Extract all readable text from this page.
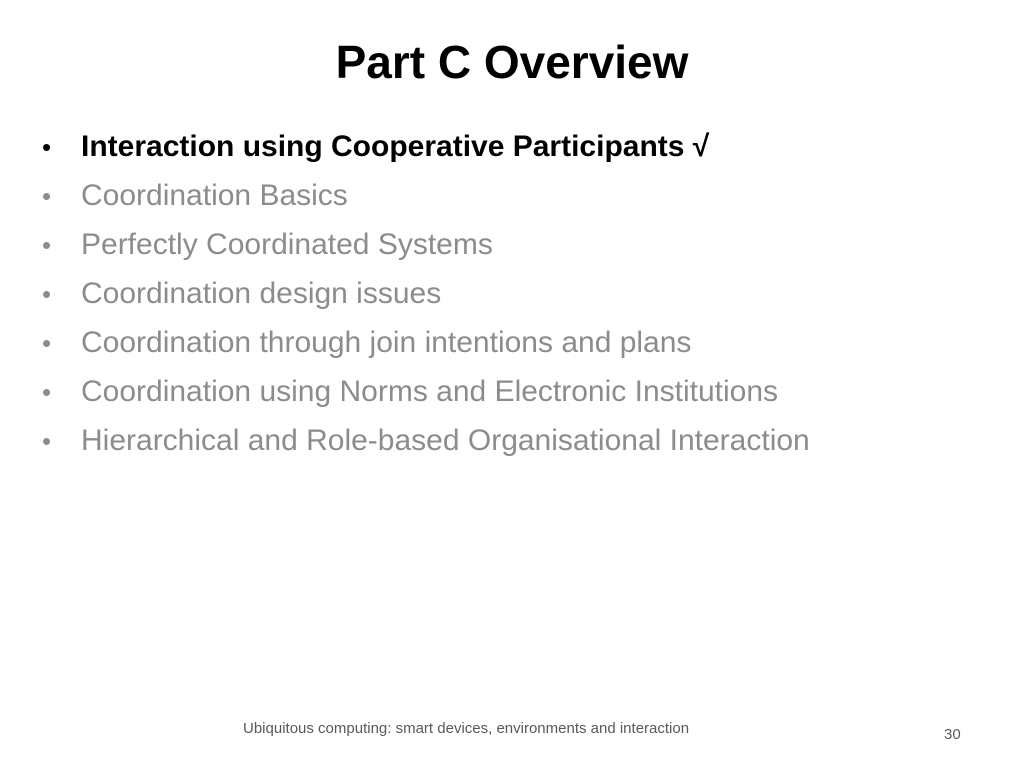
Part C Overview
• Interaction using Cooperative Participants √
• Coordination Basics
• Perfectly Coordinated Systems
• Coordination design issues
• Coordination through join intentions and plans
• Coordination using Norms and Electronic Institutions
• Hierarchical and Role-based Organisational Interaction
Ubiquitous computing: smart devices, environments and interaction	30
